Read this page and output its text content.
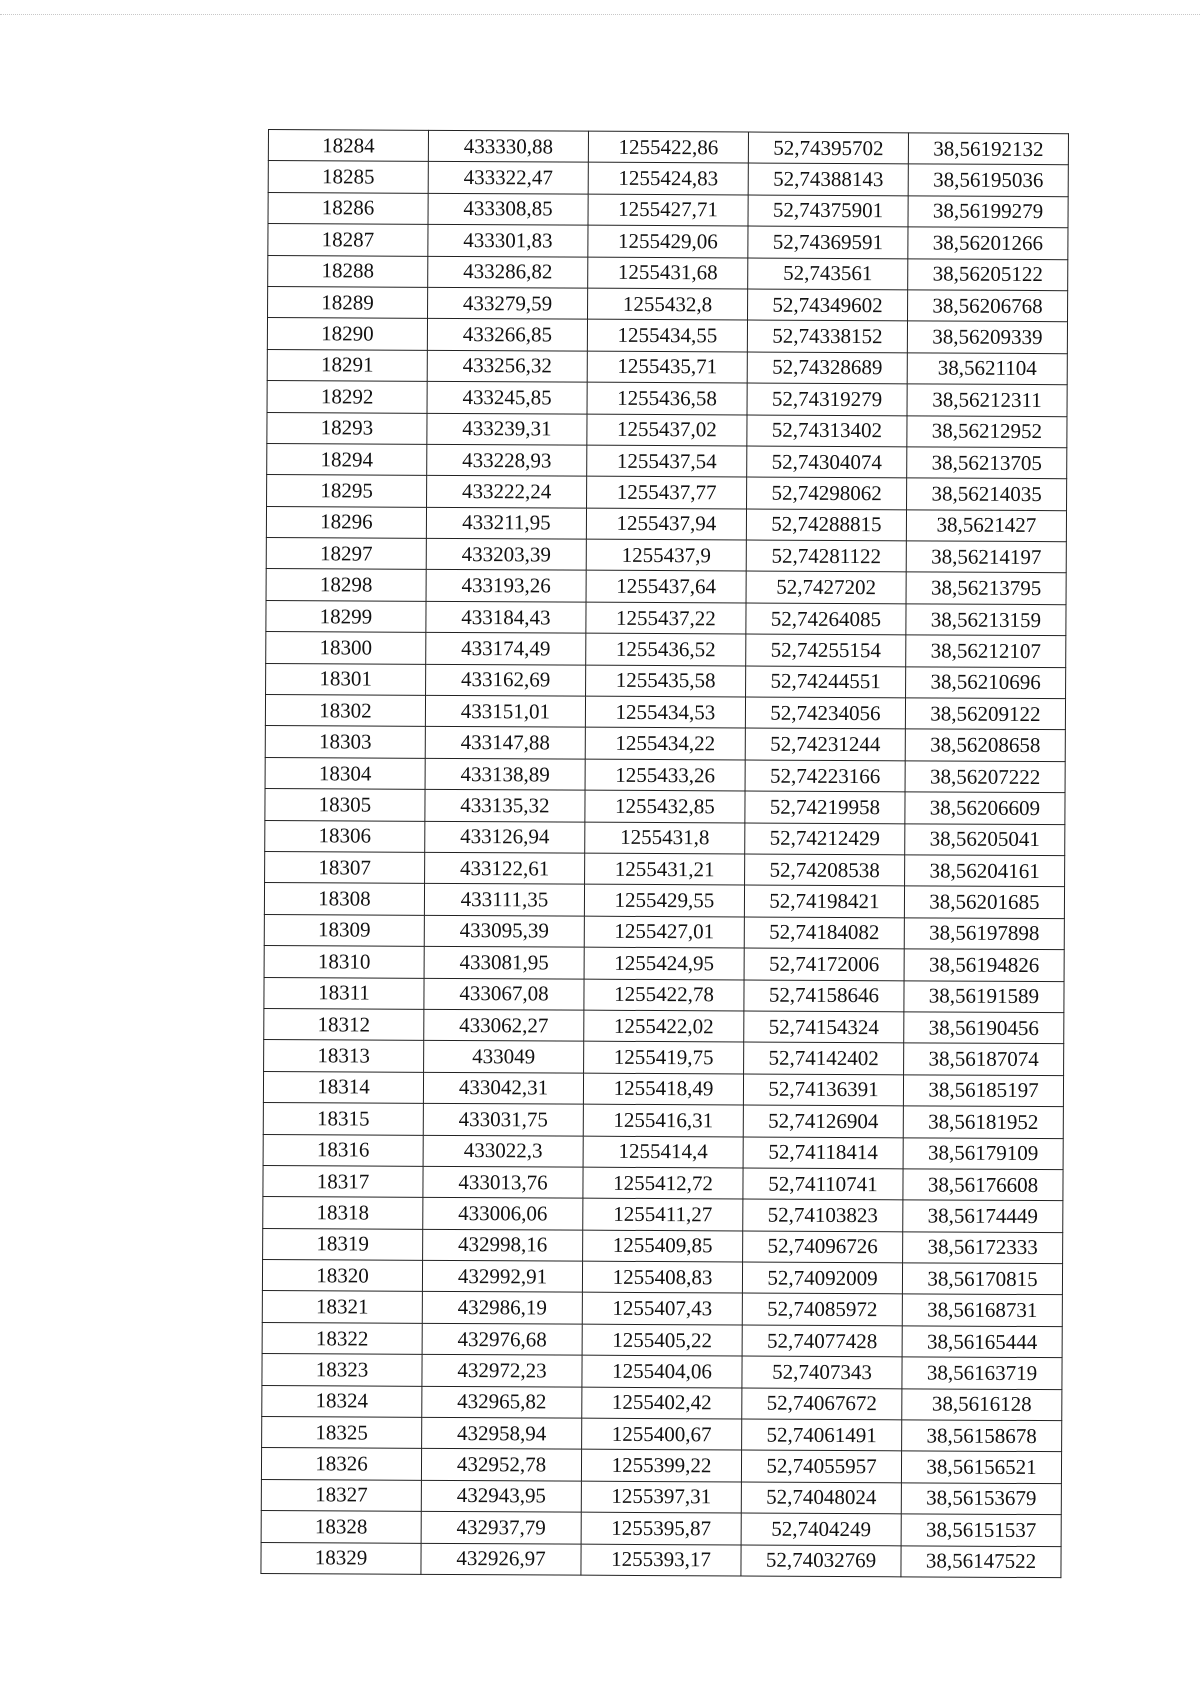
18284	433330,88	1255422,86	52,74395702	38,56192132
18285	433322,47	1255424,83	52,74388143	38,56195036
18286	433308,85	1255427,71	52,74375901	38,56199279
18287	433301,83	1255429,06	52,74369591	38,56201266
18288	433286,82	1255431,68	52,743561	38,56205122
18289	433279,59	1255432,8	52,74349602	38,56206768
18290	433266,85	1255434,55	52,74338152	38,56209339
18291	433256,32	1255435,71	52,74328689	38,5621104
18292	433245,85	1255436,58	52,74319279	38,56212311
18293	433239,31	1255437,02	52,74313402	38,56212952
18294	433228,93	1255437,54	52,74304074	38,56213705
18295	433222,24	1255437,77	52,74298062	38,56214035
18296	433211,95	1255437,94	52,74288815	38,5621427
18297	433203,39	1255437,9	52,74281122	38,56214197
18298	433193,26	1255437,64	52,7427202	38,56213795
18299	433184,43	1255437,22	52,74264085	38,56213159
18300	433174,49	1255436,52	52,74255154	38,56212107
18301	433162,69	1255435,58	52,74244551	38,56210696
18302	433151,01	1255434,53	52,74234056	38,56209122
18303	433147,88	1255434,22	52,74231244	38,56208658
18304	433138,89	1255433,26	52,74223166	38,56207222
18305	433135,32	1255432,85	52,74219958	38,56206609
18306	433126,94	1255431,8	52,74212429	38,56205041
18307	433122,61	1255431,21	52,74208538	38,56204161
18308	433111,35	1255429,55	52,74198421	38,56201685
18309	433095,39	1255427,01	52,74184082	38,56197898
18310	433081,95	1255424,95	52,74172006	38,56194826
18311	433067,08	1255422,78	52,74158646	38,56191589
18312	433062,27	1255422,02	52,74154324	38,56190456
18313	433049	1255419,75	52,74142402	38,56187074
18314	433042,31	1255418,49	52,74136391	38,56185197
18315	433031,75	1255416,31	52,74126904	38,56181952
18316	433022,3	1255414,4	52,74118414	38,56179109
18317	433013,76	1255412,72	52,74110741	38,56176608
18318	433006,06	1255411,27	52,74103823	38,56174449
18319	432998,16	1255409,85	52,74096726	38,56172333
18320	432992,91	1255408,83	52,74092009	38,56170815
18321	432986,19	1255407,43	52,74085972	38,56168731
18322	432976,68	1255405,22	52,74077428	38,56165444
18323	432972,23	1255404,06	52,7407343	38,56163719
18324	432965,82	1255402,42	52,74067672	38,5616128
18325	432958,94	1255400,67	52,74061491	38,56158678
18326	432952,78	1255399,22	52,74055957	38,56156521
18327	432943,95	1255397,31	52,74048024	38,56153679
18328	432937,79	1255395,87	52,7404249	38,56151537
18329	432926,97	1255393,17	52,74032769	38,56147522
